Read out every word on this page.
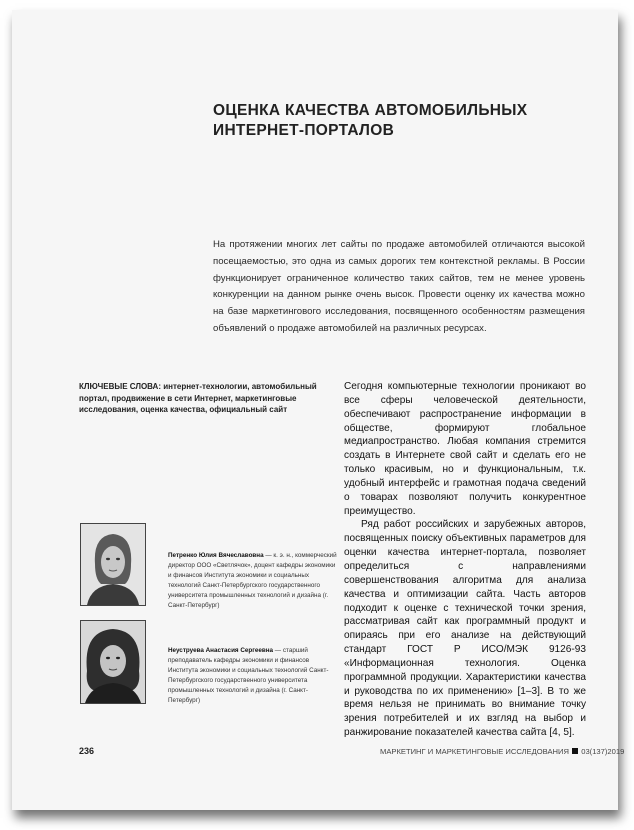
ОЦЕНКА КАЧЕСТВА АВТОМОБИЛЬНЫХ ИНТЕРНЕТ-ПОРТАЛОВ

На протяжении многих лет сайты по продаже автомобилей отличаются высокой посещаемостью, это одна из самых дорогих тем контекстной рекламы. В России функционирует ограниченное количество таких сайтов, тем не менее уровень конкуренции на данном рынке очень высок. Провести оценку их качества можно на базе маркетингового исследования, посвященного особенностям размещения объявлений о продаже автомобилей на различных ресурсах.

КЛЮЧЕВЫЕ СЛОВА: интернет-технологии, автомобильный портал, продвижение в сети Интернет, маркетинговые исследования, оценка качества, официальный сайт

Сегодня компьютерные технологии проникают во все сферы человеческой деятельности, обеспечивают распространение информации в обществе, формируют глобальное медиапространство. Любая компания стремится создать в Интернете свой сайт и сделать его не только красивым, но и функциональным, т.к. удобный интерфейс и грамотная подача сведений о товарах позволяют получить конкурентное преимущество.

Ряд работ российских и зарубежных авторов, посвященных поиску объективных параметров для оценки качества интернет-портала, позволяет определиться с направлениями совершенствования алгоритма для анализа качества и оптимизации сайта. Часть авторов подходит к оценке с технической точки зрения, рассматривая сайт как программный продукт и опираясь при его анализе на действующий стандарт ГОСТ Р ИСО/МЭК 9126-93 «Информационная технология. Оценка программной продукции. Характеристики качества и руководства по их применению» [1–3]. В то же время нельзя не принимать во внимание точку зрения потребителей и их взгляд на выбор и ранжирование показателей качества сайта [4, 5].

Петренко Юлия Вячеславовна — к. э. н., коммерческий директор ООО «Светлячок», доцент кафедры экономики и финансов Института экономики и социальных технологий Санкт-Петербургского государственного университета промышленных технологий и дизайна (г. Санкт-Петербург)

Неуструева Анастасия Сергеевна — старший преподаватель кафедры экономики и финансов Института экономики и социальных технологий Санкт-Петербургского государственного университета промышленных технологий и дизайна (г. Санкт-Петербург)

236	МАРКЕТИНГ И МАРКЕТИНГОВЫЕ ИССЛЕДОВАНИЯ 03(137)2019
